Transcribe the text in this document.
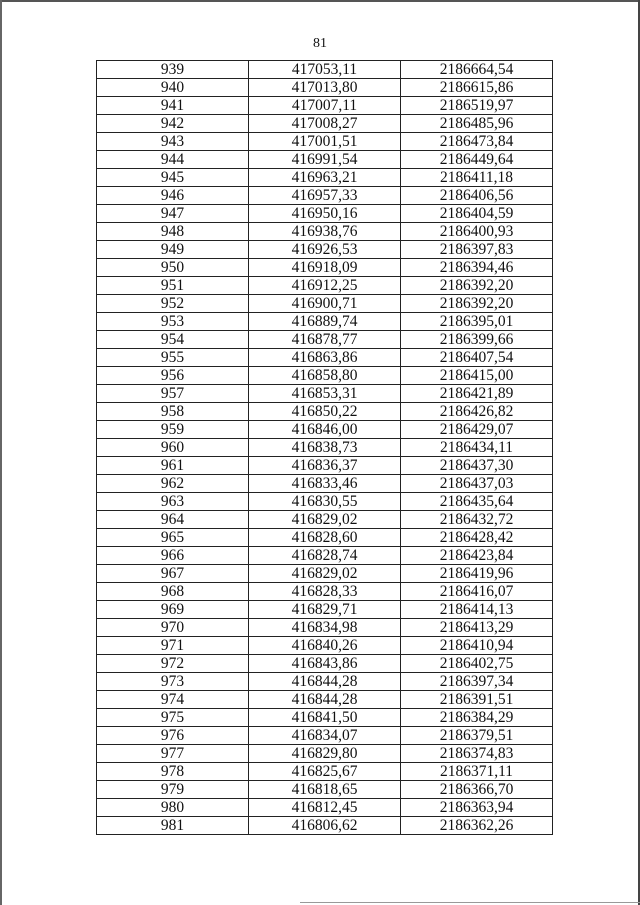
81
939	417053,11	2186664,54
940	417013,80	2186615,86
941	417007,11	2186519,97
942	417008,27	2186485,96
943	417001,51	2186473,84
944	416991,54	2186449,64
945	416963,21	2186411,18
946	416957,33	2186406,56
947	416950,16	2186404,59
948	416938,76	2186400,93
949	416926,53	2186397,83
950	416918,09	2186394,46
951	416912,25	2186392,20
952	416900,71	2186392,20
953	416889,74	2186395,01
954	416878,77	2186399,66
955	416863,86	2186407,54
956	416858,80	2186415,00
957	416853,31	2186421,89
958	416850,22	2186426,82
959	416846,00	2186429,07
960	416838,73	2186434,11
961	416836,37	2186437,30
962	416833,46	2186437,03
963	416830,55	2186435,64
964	416829,02	2186432,72
965	416828,60	2186428,42
966	416828,74	2186423,84
967	416829,02	2186419,96
968	416828,33	2186416,07
969	416829,71	2186414,13
970	416834,98	2186413,29
971	416840,26	2186410,94
972	416843,86	2186402,75
973	416844,28	2186397,34
974	416844,28	2186391,51
975	416841,50	2186384,29
976	416834,07	2186379,51
977	416829,80	2186374,83
978	416825,67	2186371,11
979	416818,65	2186366,70
980	416812,45	2186363,94
981	416806,62	2186362,26
